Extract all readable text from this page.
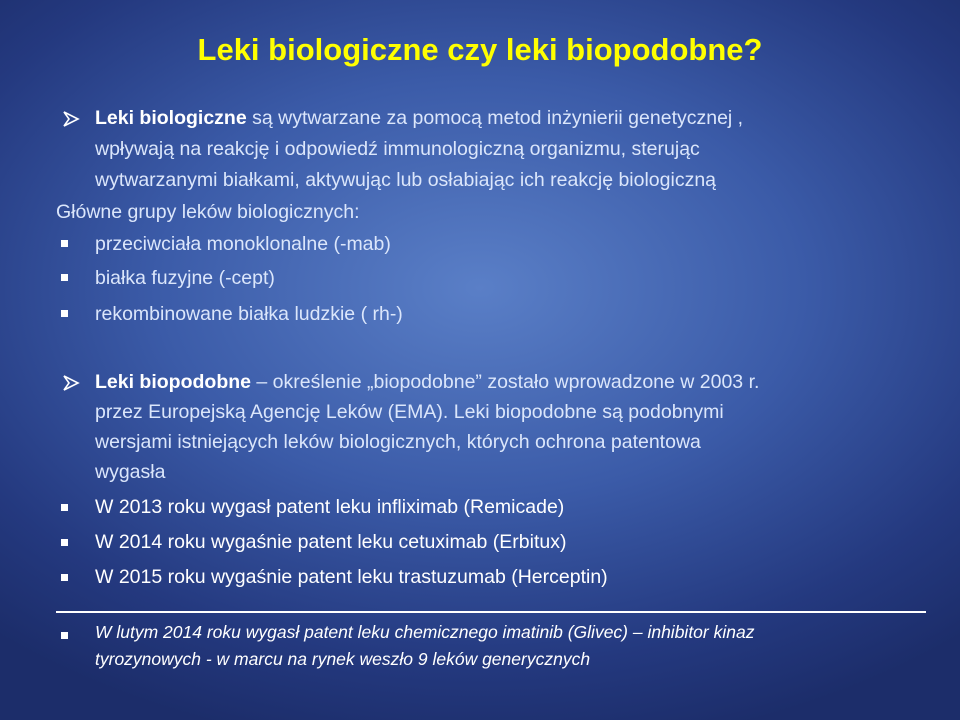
Leki biologiczne czy leki biopodobne?
Leki biologiczne są wytwarzane za pomocą metod inżynierii genetycznej ,
wpływają na reakcję i odpowiedź immunologiczną organizmu, sterując
wytwarzanymi białkami, aktywując lub osłabiając ich reakcję biologiczną
Główne grupy leków biologicznych:
przeciwciała monoklonalne (-mab)
białka fuzyjne (-cept)
rekombinowane białka ludzkie ( rh-)
Leki biopodobne – określenie „biopodobne” zostało wprowadzone w 2003 r.
przez Europejską Agencję Leków (EMA). Leki biopodobne są podobnymi
wersjami istniejących leków biologicznych, których ochrona patentowa
wygasła
W 2013 roku wygasł patent leku infliximab (Remicade)
W 2014 roku wygaśnie patent leku cetuximab (Erbitux)
W 2015 roku wygaśnie patent leku trastuzumab (Herceptin)
W lutym 2014 roku wygasł patent leku chemicznego imatinib (Glivec) – inhibitor kinaz
tyrozynowych - w marcu na rynek weszło 9 leków generycznych
